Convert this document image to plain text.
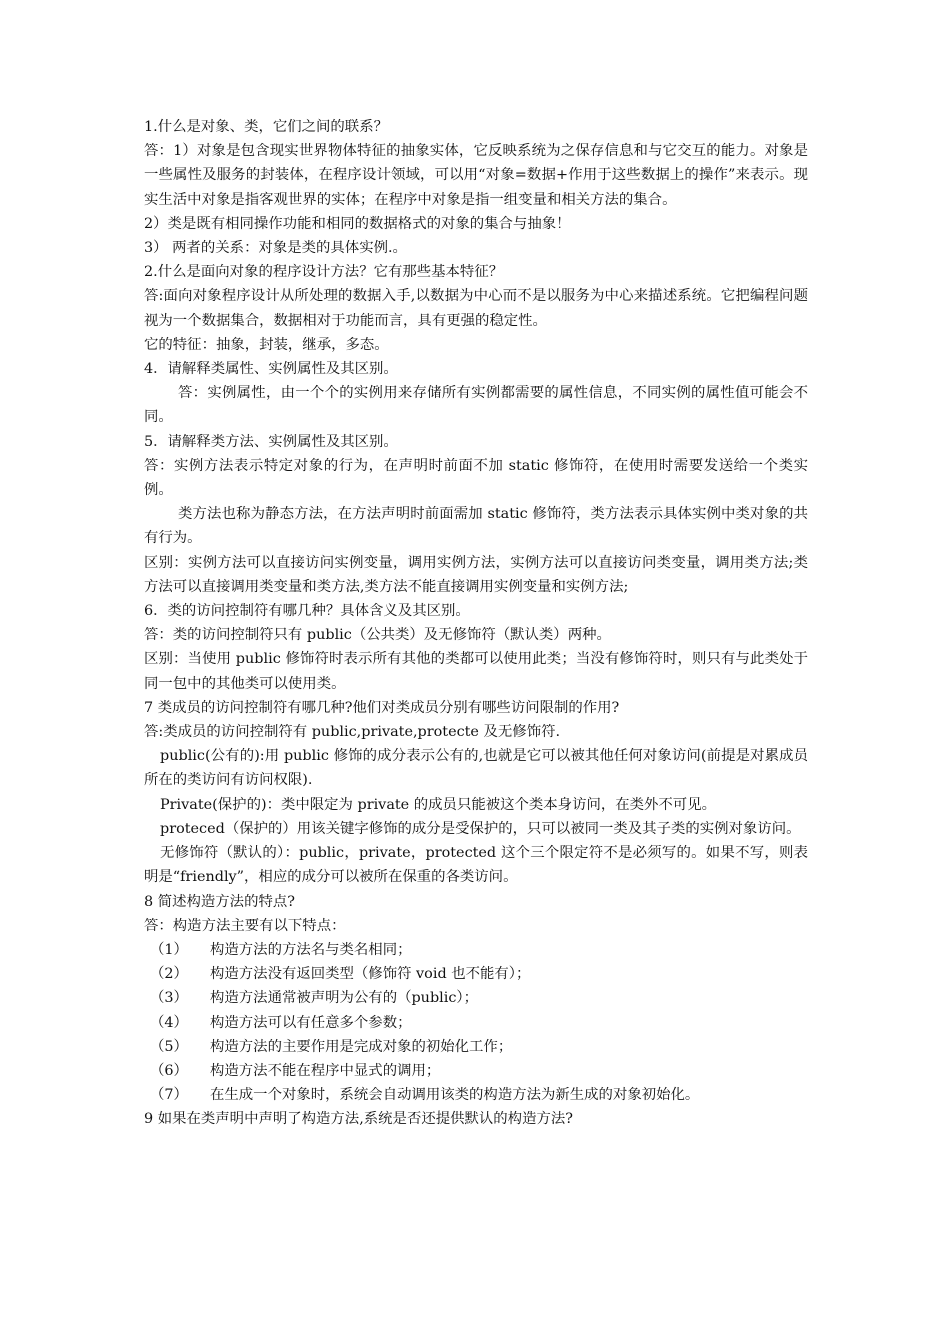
1.什么是对象、类，它们之间的联系？

答：1）对象是包含现实世界物体特征的抽象实体，它反映系统为之保存信息和与它交互的能力。对象是一些属性及服务的封装体，在程序设计领域，可以用“对象=数据+作用于这些数据上的操作”来表示。现实生活中对象是指客观世界的实体；在程序中对象是指一组变量和相关方法的集合。

2）类是既有相同操作功能和相同的数据格式的对象的集合与抽象！

3） 两者的关系：对象是类的具体实例.。

2.什么是面向对象的程序设计方法？它有那些基本特征？

答:面向对象程序设计从所处理的数据入手,以数据为中心而不是以服务为中心来描述系统。它把编程问题视为一个数据集合，数据相对于功能而言，具有更强的稳定性。

它的特征：抽象，封装，继承，多态。

4．请解释类属性、实例属性及其区别。

答：实例属性，由一个个的实例用来存储所有实例都需要的属性信息，不同实例的属性值可能会不同。

5．请解释类方法、实例属性及其区别。

答：实例方法表示特定对象的行为，在声明时前面不加 static 修饰符，在使用时需要发送给一个类实例。

类方法也称为静态方法，在方法声明时前面需加 static 修饰符，类方法表示具体实例中类对象的共有行为。

区别：实例方法可以直接访问实例变量，调用实例方法，实例方法可以直接访问类变量，调用类方法;类方法可以直接调用类变量和类方法,类方法不能直接调用实例变量和实例方法;

6．类的访问控制符有哪几种？具体含义及其区别。

答：类的访问控制符只有 public（公共类）及无修饰符（默认类）两种。

区别：当使用 public 修饰符时表示所有其他的类都可以使用此类；当没有修饰符时，则只有与此类处于同一包中的其他类可以使用类。

7 类成员的访问控制符有哪几种?他们对类成员分别有哪些访问限制的作用?

答:类成员的访问控制符有 public,private,protecte 及无修饰符.

public(公有的):用 public 修饰的成分表示公有的,也就是它可以被其他任何对象访问(前提是对累成员所在的类访问有访问权限).

Private(保护的)：类中限定为 private 的成员只能被这个类本身访问，在类外不可见。

proteced（保护的）用该关键字修饰的成分是受保护的，只可以被同一类及其子类的实例对象访问。

无修饰符（默认的）：public，private，protected 这个三个限定符不是必须写的。如果不写，则表明是“friendly”，相应的成分可以被所在保重的各类访问。

8 简述构造方法的特点?

答：构造方法主要有以下特点：

（1）	构造方法的方法名与类名相同；
（2）	构造方法没有返回类型（修饰符 void 也不能有）；
（3）	构造方法通常被声明为公有的（public）；
（4）	构造方法可以有任意多个参数；
（5）	构造方法的主要作用是完成对象的初始化工作；
（6）	构造方法不能在程序中显式的调用；
（7）	在生成一个对象时，系统会自动调用该类的构造方法为新生成的对象初始化。

9 如果在类声明中声明了构造方法,系统是否还提供默认的构造方法?
